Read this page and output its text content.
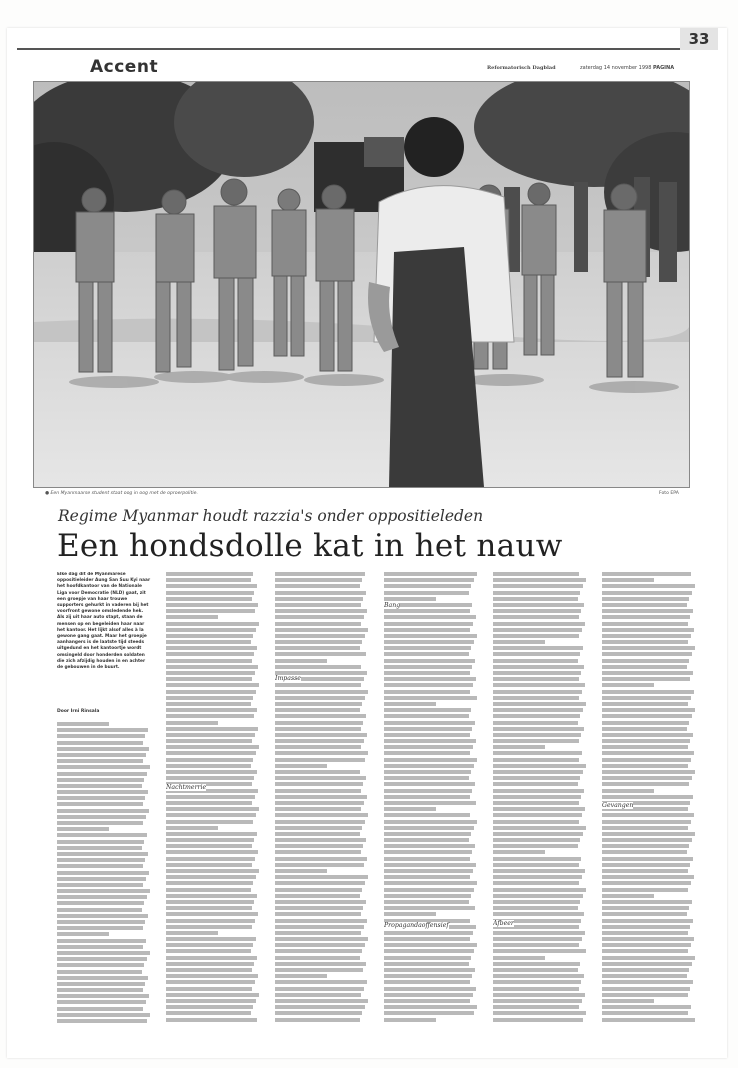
Accent	Reformatorisch Dagblad	zaterdag 14 november 1998 PAGINA
33
● Een Myanmaarse student staat oog in oog met de oproerpolitie.	Foto EPA
Regime Myanmar houdt razzia's onder oppositieleden
Een hondsdolle kat in het nauw
Elke dag dit de Myanmarese oppositieleider Aung San Suu Kyi naar het hoofdkantoor van de Nationale Liga voor Democratie (NLD) gaat, zit een groepje van haar trouwe supporters gehurkt in vaderen bij het voorfront gewone omsledende hek. Als zij uit haar auto stapt, staan de mensen op en begeleiden haar naar het kantoor. Het lijkt alsof alles à la gewone gang gaat. Maar het groepje aanhangers is de laatste tijd steeds uitgedund en het kantoortje wordt omsingeld door honderden soldaten die zich afzijdig houden in en achter de gebouwen in de buurt.
Door Irni Rinsala
Nachtmerrie
Impasse
Bang
Propagandaoffensief	Afbeer
Gevangen
